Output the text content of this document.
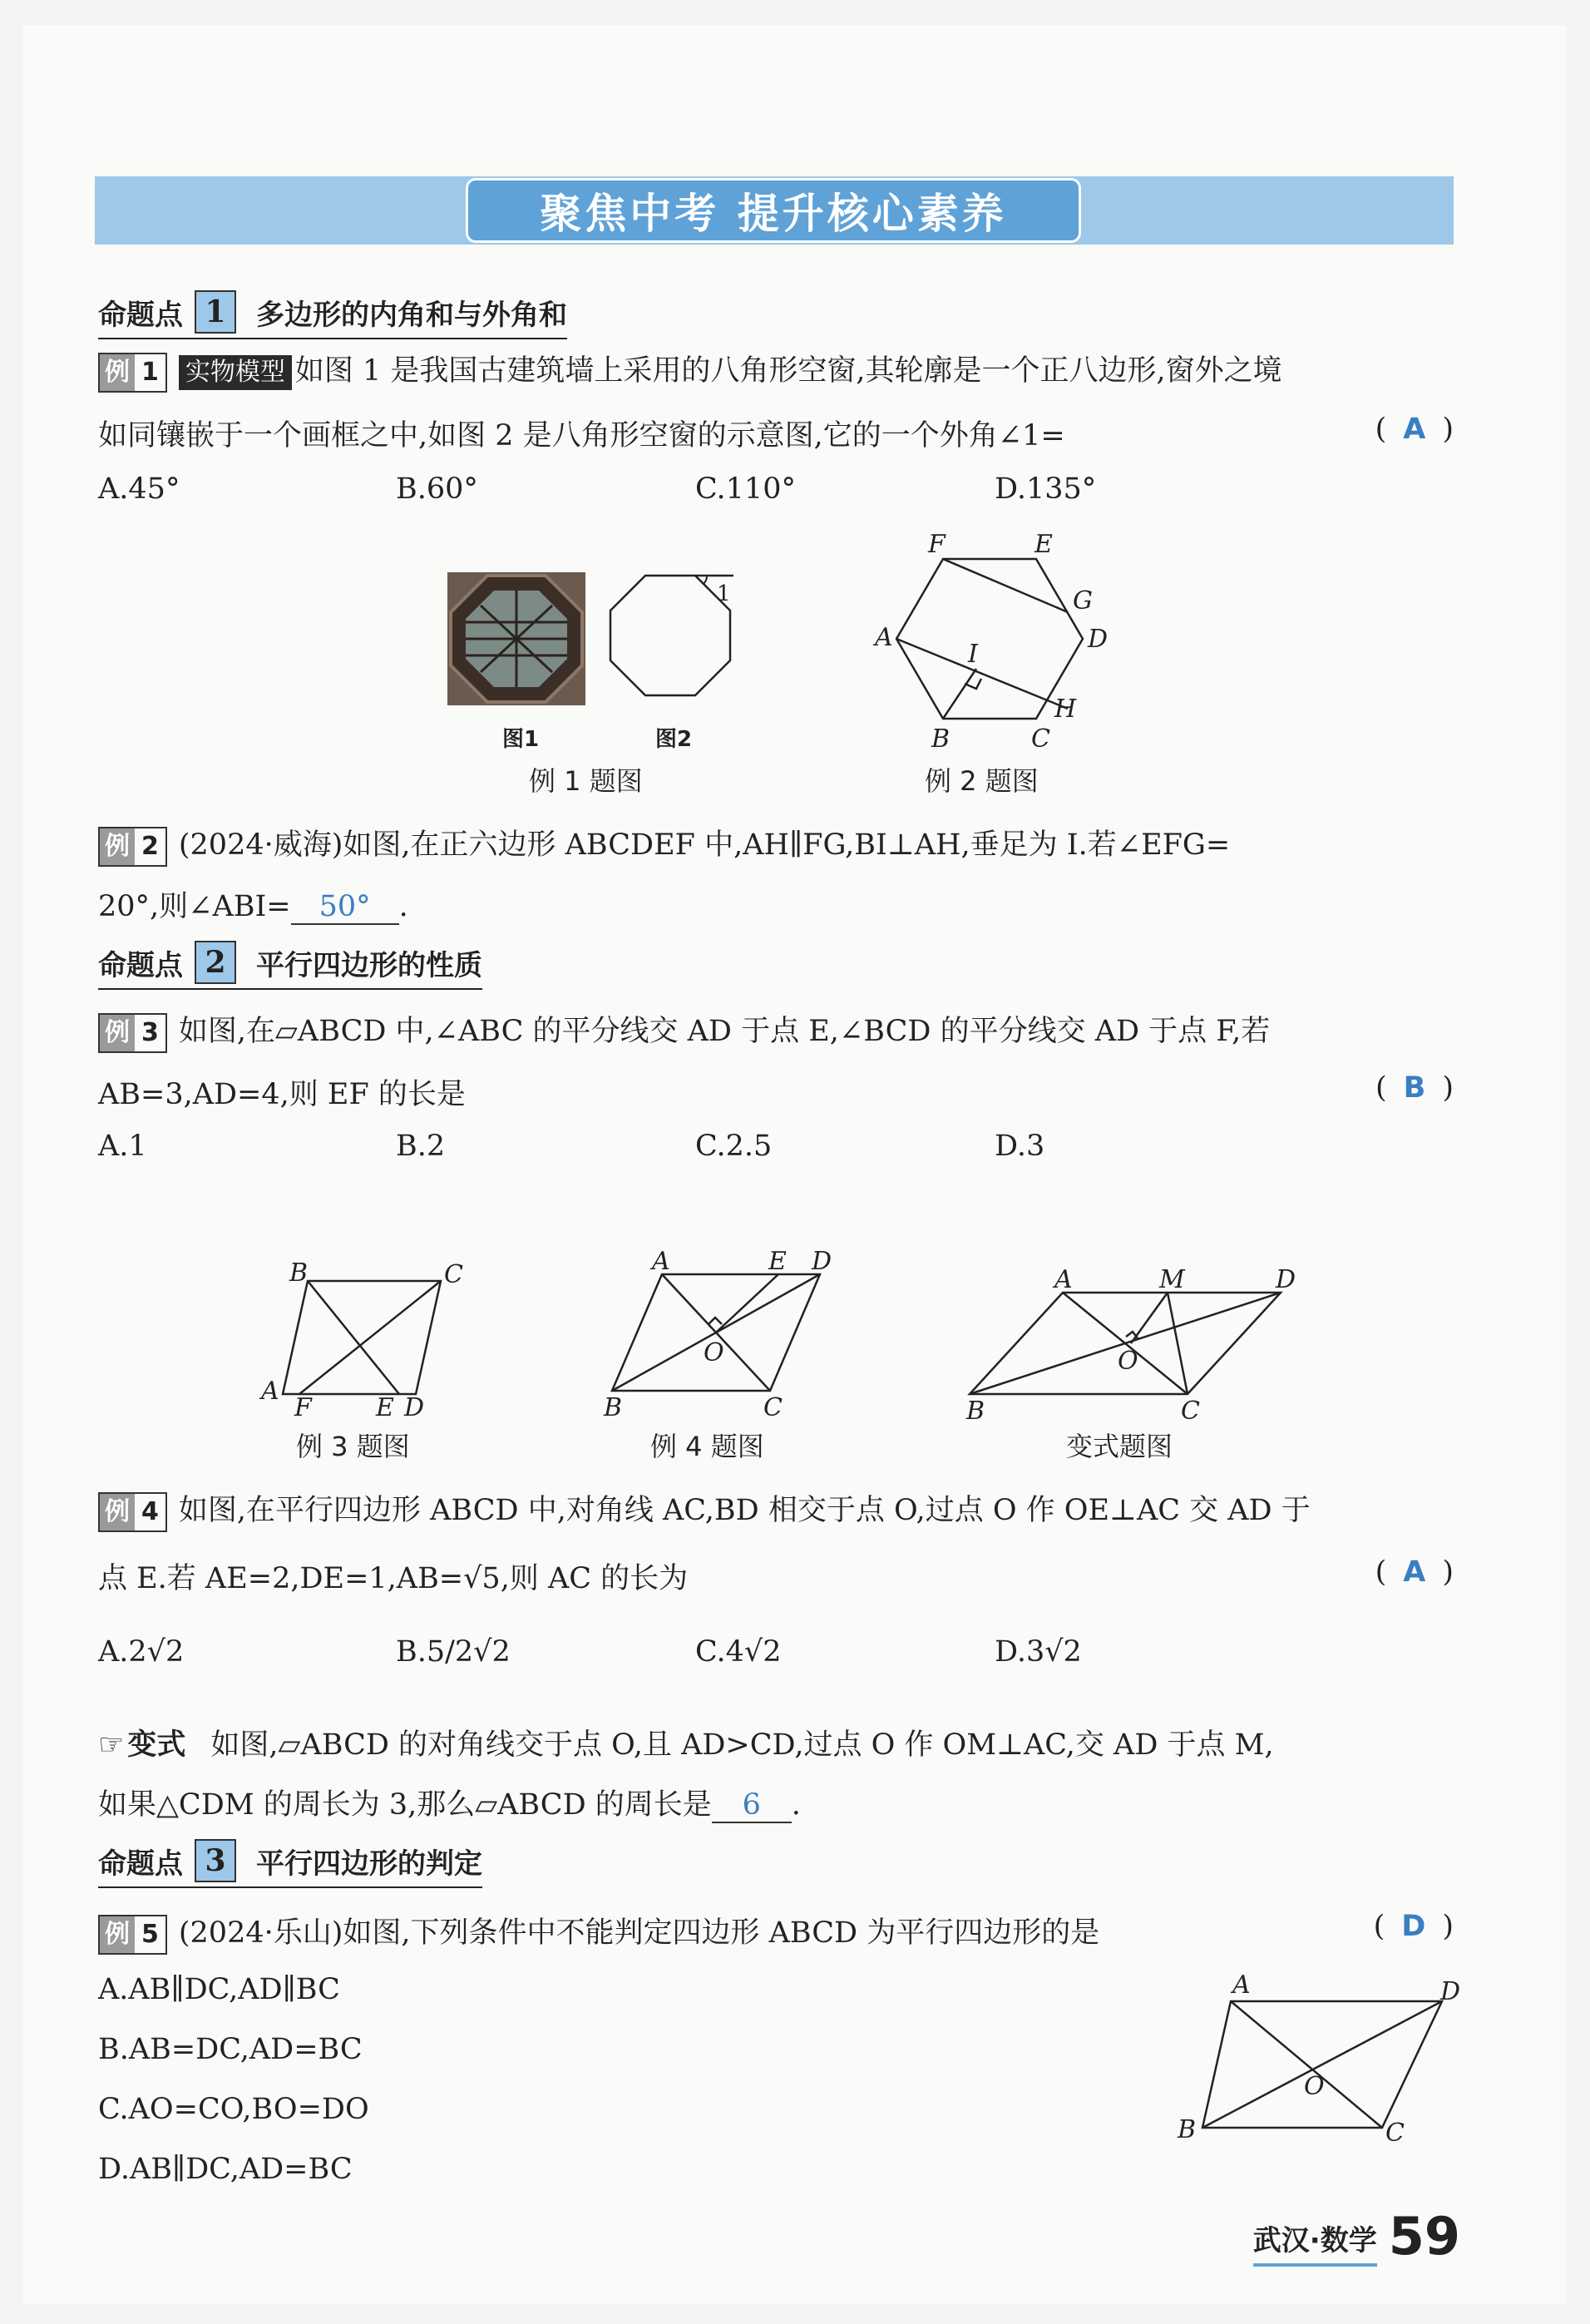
聚焦中考 提升核心素养
命题点 1	多边形的内角和与外角和
例 1 实物模型 如图 1 是我国古建筑墙上采用的八角形空窗,其轮廓是一个正八边形,窗外之境
如同镶嵌于一个画框之中,如图 2 是八角形空窗的示意图,它的一个外角∠1=	( A )
A.45°	B.60°	C.110°	D.135°
图1
1
图2
例 1 题图
F	E
G
D
A
I
H
B	C
例 2 题图
例 2 (2024·威海)如图,在正六边形 ABCDEF 中,AH∥FG,BI⊥AH,垂足为 I.若∠EFG=
20°,则∠ABI= 50° .
命题点 2	平行四边形的性质
例 3 如图,在▱ABCD 中,∠ABC 的平分线交 AD 于点 E,∠BCD 的平分线交 AD 于点 F,若
AB=3,AD=4,则 EF 的长是	( B )
A.1	B.2	C.2.5	D.3
B	C
A
F	E D
例 3 题图
A	E D
O
B	C
例 4 题图
A	M	D
O
B	C
变式题图
例 4 如图,在平行四边形 ABCD 中,对角线 AC,BD 相交于点 O,过点 O 作 OE⊥AC 交 AD 于
点 E.若 AE=2,DE=1,AB=√5,则 AC 的长为	( A )
A.2√2	B.5/2√2	C.4√2	D.3√2
☞ 变式 如图,▱ABCD 的对角线交于点 O,且 AD>CD,过点 O 作 OM⊥AC,交 AD 于点 M,
如果△CDM 的周长为 3,那么▱ABCD 的周长是 6 .
命题点 3	平行四边形的判定
例 5 (2024·乐山)如图,下列条件中不能判定四边形 ABCD 为平行四边形的是	( D )
A.AB∥DC,AD∥BC
B.AB=DC,AD=BC
C.AO=CO,BO=DO
D.AB∥DC,AD=BC
A	D
O
B	C
武汉·数学 59
